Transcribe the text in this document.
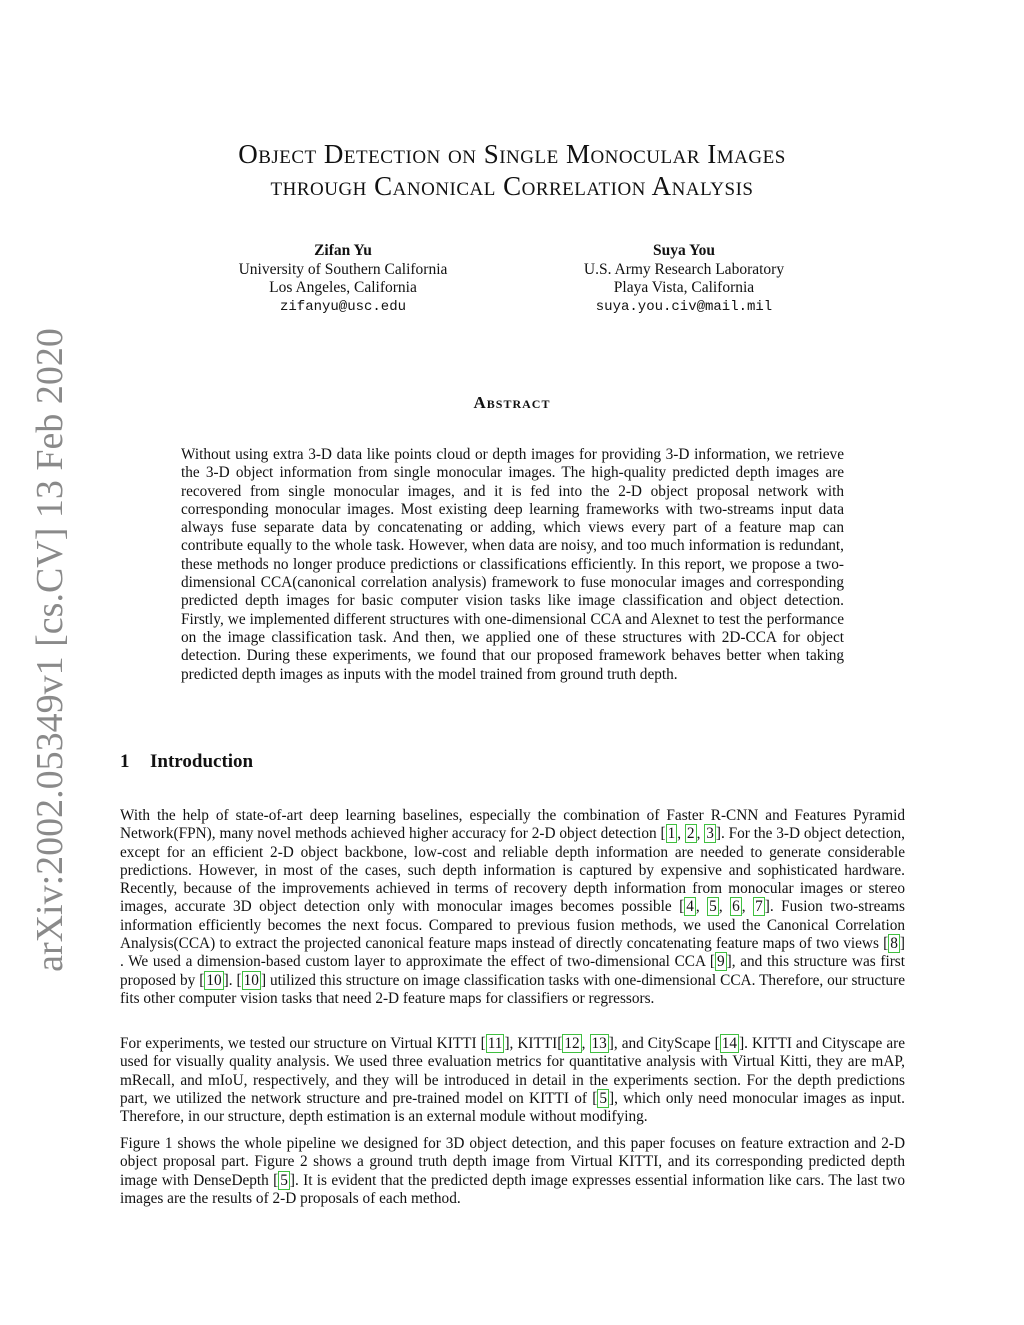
arXiv:2002.05349v1 [cs.CV] 13 Feb 2020
Object Detection on Single Monocular Images
through Canonical Correlation Analysis
Zifan Yu
University of Southern California
Los Angeles, California
zifanyu@usc.edu
Suya You
U.S. Army Research Laboratory
Playa Vista, California
suya.you.civ@mail.mil
Abstract
Without using extra 3-D data like points cloud or depth images for providing 3-D information, we retrieve the 3-D object information from single monocular images. The high-quality predicted depth images are recovered from single monocular images, and it is fed into the 2-D object proposal network with corresponding monocular images. Most existing deep learning frameworks with two-streams input data always fuse separate data by concatenating or adding, which views every part of a feature map can contribute equally to the whole task. However, when data are noisy, and too much information is redundant, these methods no longer produce predictions or classifications efficiently. In this report, we propose a two-dimensional CCA(canonical correlation analysis) framework to fuse monocular images and corresponding predicted depth images for basic computer vision tasks like image classification and object detection. Firstly, we implemented different structures with one-dimensional CCA and Alexnet to test the performance on the image classification task. And then, we applied one of these structures with 2D-CCA for object detection. During these experiments, we found that our proposed framework behaves better when taking predicted depth images as inputs with the model trained from ground truth depth.
1 Introduction
With the help of state-of-art deep learning baselines, especially the combination of Faster R-CNN and Features Pyramid Network(FPN), many novel methods achieved higher accuracy for 2-D object detection [ 1 , 2 , 3 ]. For the 3-D object detection, except for an efficient 2-D object backbone, low-cost and reliable depth information are needed to generate considerable predictions. However, in most of the cases, such depth information is captured by expensive and sophisticated hardware. Recently, because of the improvements achieved in terms of recovery depth information from monocular images or stereo images, accurate 3D object detection only with monocular images becomes possible [ 4 , 5 , 6 , 7 ]. Fusion two-streams information efficiently becomes the next focus. Compared to previous fusion methods, we used the Canonical Correlation Analysis(CCA) to extract the projected canonical feature maps instead of directly concatenating feature maps of two views [ 8 ] . We used a dimension-based custom layer to approximate the effect of two-dimensional CCA [ 9 ], and this structure was first proposed by [ 10 ]. [ 10 ] utilized this structure on image classification tasks with one-dimensional CCA. Therefore, our structure fits other computer vision tasks that need 2-D feature maps for classifiers or regressors.
For experiments, we tested our structure on Virtual KITTI [ 11 ], KITTI[ 12 , 13 ], and CityScape [ 14 ]. KITTI and Cityscape are used for visually quality analysis. We used three evaluation metrics for quantitative analysis with Virtual Kitti, they are mAP, mRecall, and mIoU, respectively, and they will be introduced in detail in the experiments section. For the depth predictions part, we utilized the network structure and pre-trained model on KITTI of [ 5 ], which only need monocular images as input. Therefore, in our structure, depth estimation is an external module without modifying.
Figure 1 shows the whole pipeline we designed for 3D object detection, and this paper focuses on feature extraction and 2-D object proposal part. Figure 2 shows a ground truth depth image from Virtual KITTI, and its corresponding predicted depth image with DenseDepth [ 5 ]. It is evident that the predicted depth image expresses essential information like cars. The last two images are the results of 2-D proposals of each method.
